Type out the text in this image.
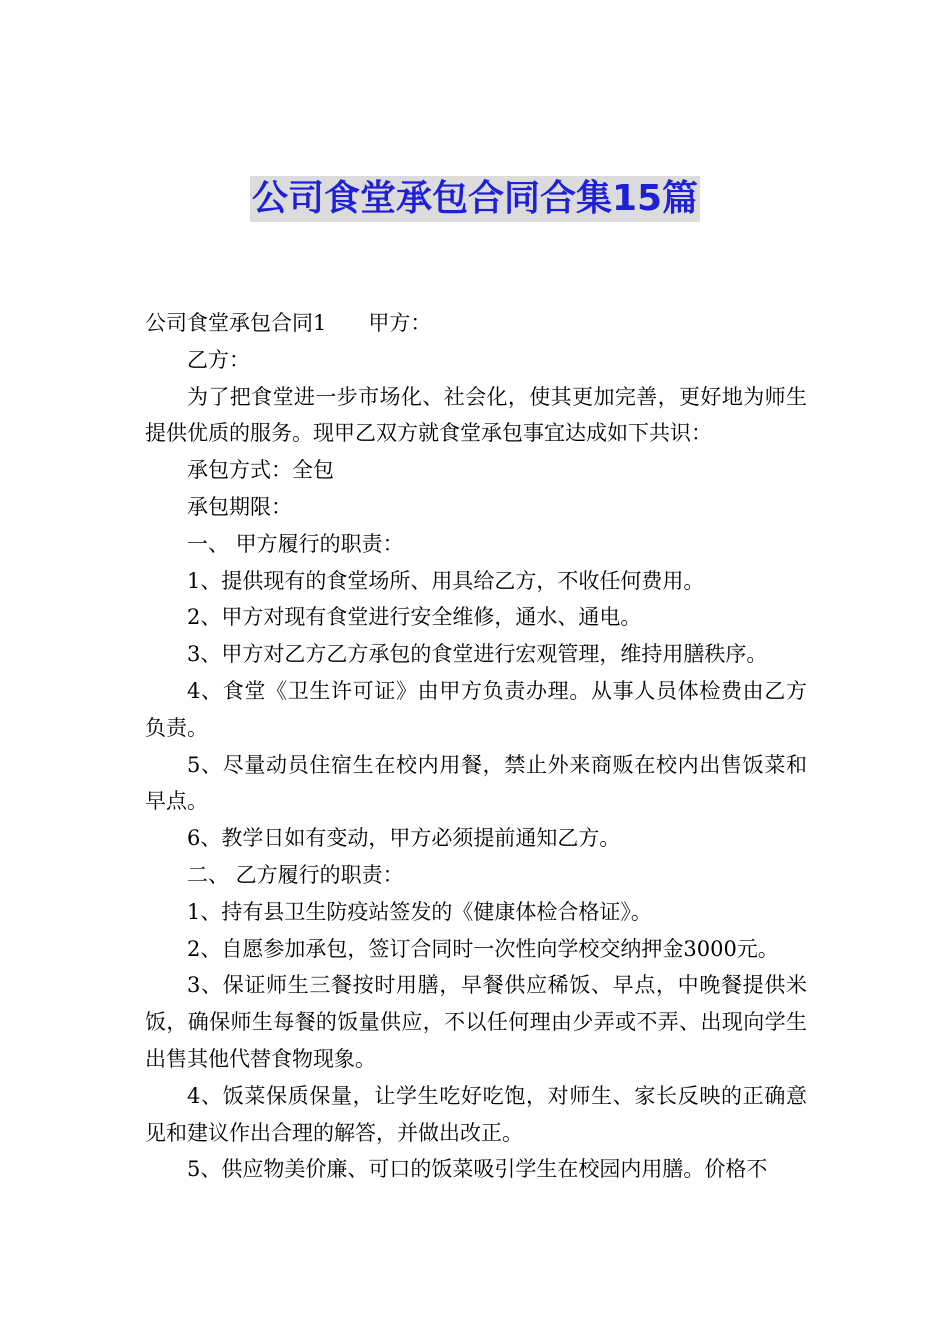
公司食堂承包合同合集15篇

公司食堂承包合同1 甲方：

乙方：

为了把食堂进一步市场化、社会化，使其更加完善，更好地为师生提供优质的服务。现甲乙双方就食堂承包事宜达成如下共识：

承包方式：全包

承包期限：

一、 甲方履行的职责：

1、提供现有的食堂场所、用具给乙方，不收任何费用。

2、甲方对现有食堂进行安全维修，通水、通电。

3、甲方对乙方乙方承包的食堂进行宏观管理，维持用膳秩序。

4、食堂《卫生许可证》由甲方负责办理。从事人员体检费由乙方负责。

5、尽量动员住宿生在校内用餐，禁止外来商贩在校内出售饭菜和早点。

6、教学日如有变动，甲方必须提前通知乙方。

二、 乙方履行的职责：

1、持有县卫生防疫站签发的《健康体检合格证》。

2、自愿参加承包，签订合同时一次性向学校交纳押金3000元。

3、保证师生三餐按时用膳，早餐供应稀饭、早点，中晚餐提供米饭，确保师生每餐的饭量供应，不以任何理由少弄或不弄、出现向学生出售其他代替食物现象。

4、饭菜保质保量，让学生吃好吃饱，对师生、家长反映的正确意见和建议作出合理的解答，并做出改正。

5、供应物美价廉、可口的饭菜吸引学生在校园内用膳。价格不
